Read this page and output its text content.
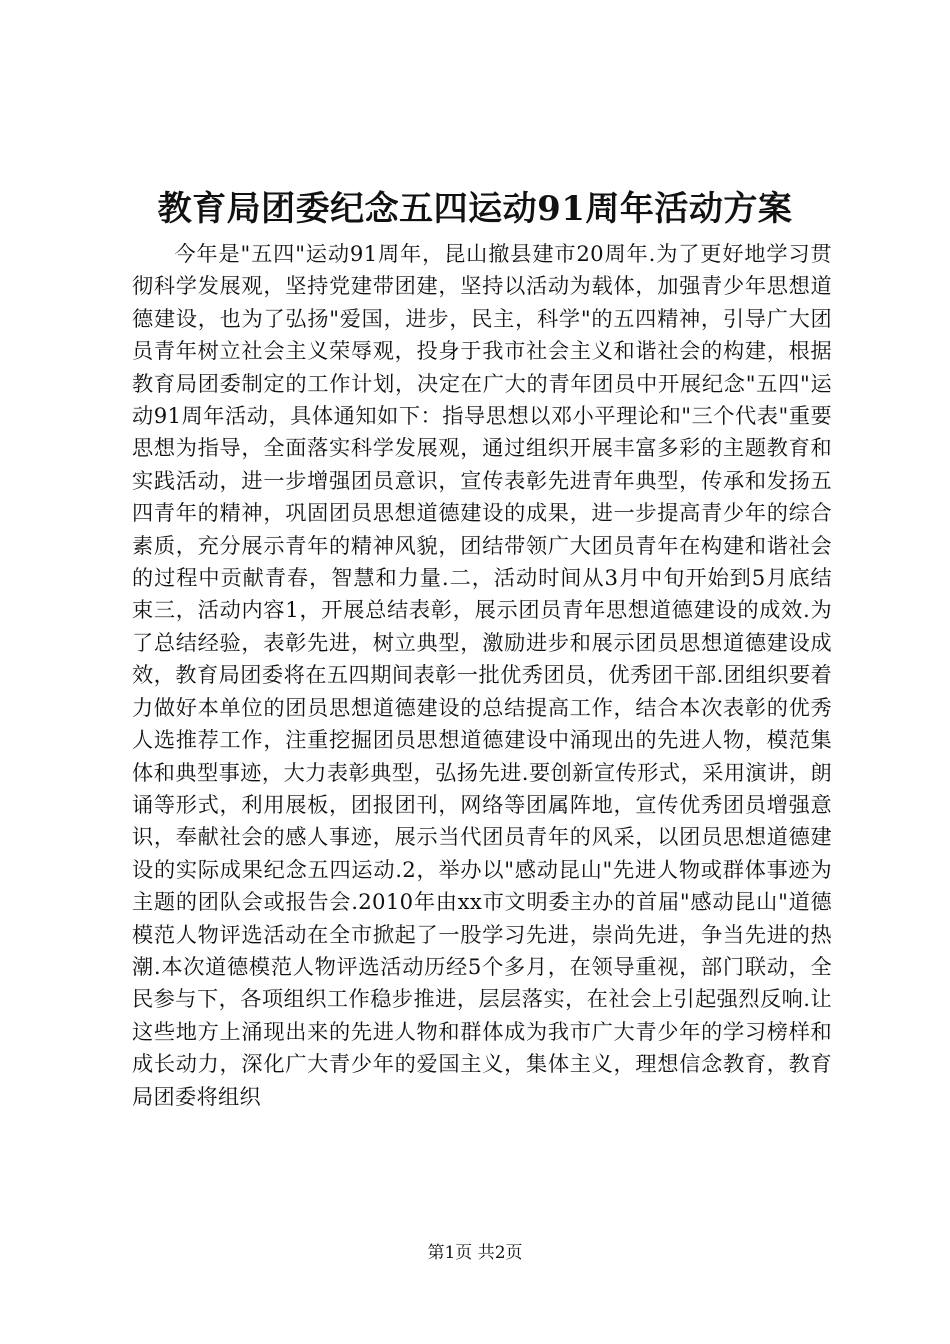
教育局团委纪念五四运动91周年活动方案

今年是"五四"运动91周年，昆山撤县建市20周年.为了更好地学习贯彻科学发展观，坚持党建带团建，坚持以活动为载体，加强青少年思想道德建设，也为了弘扬"爱国，进步，民主，科学"的五四精神，引导广大团员青年树立社会主义荣辱观，投身于我市社会主义和谐社会的构建，根据教育局团委制定的工作计划，决定在广大的青年团员中开展纪念"五四"运动91周年活动，具体通知如下：指导思想以邓小平理论和"三个代表"重要思想为指导，全面落实科学发展观，通过组织开展丰富多彩的主题教育和实践活动，进一步增强团员意识，宣传表彰先进青年典型，传承和发扬五四青年的精神，巩固团员思想道德建设的成果，进一步提高青少年的综合素质，充分展示青年的精神风貌，团结带领广大团员青年在构建和谐社会的过程中贡献青春，智慧和力量.二，活动时间从3月中旬开始到5月底结束三，活动内容1，开展总结表彰，展示团员青年思想道德建设的成效.为了总结经验，表彰先进，树立典型，激励进步和展示团员思想道德建设成效，教育局团委将在五四期间表彰一批优秀团员，优秀团干部.团组织要着力做好本单位的团员思想道德建设的总结提高工作，结合本次表彰的优秀人选推荐工作，注重挖掘团员思想道德建设中涌现出的先进人物，模范集体和典型事迹，大力表彰典型，弘扬先进.要创新宣传形式，采用演讲，朗诵等形式，利用展板，团报团刊，网络等团属阵地，宣传优秀团员增强意识，奉献社会的感人事迹，展示当代团员青年的风采，以团员思想道德建设的实际成果纪念五四运动.2，举办以"感动昆山"先进人物或群体事迹为主题的团队会或报告会.2010年由xx市文明委主办的首届"感动昆山"道德模范人物评选活动在全市掀起了一股学习先进，崇尚先进，争当先进的热潮.本次道德模范人物评选活动历经5个多月，在领导重视，部门联动，全民参与下，各项组织工作稳步推进，层层落实，在社会上引起强烈反响.让这些地方上涌现出来的先进人物和群体成为我市广大青少年的学习榜样和成长动力，深化广大青少年的爱国主义，集体主义，理想信念教育，教育局团委将组织

第1页 共2页
